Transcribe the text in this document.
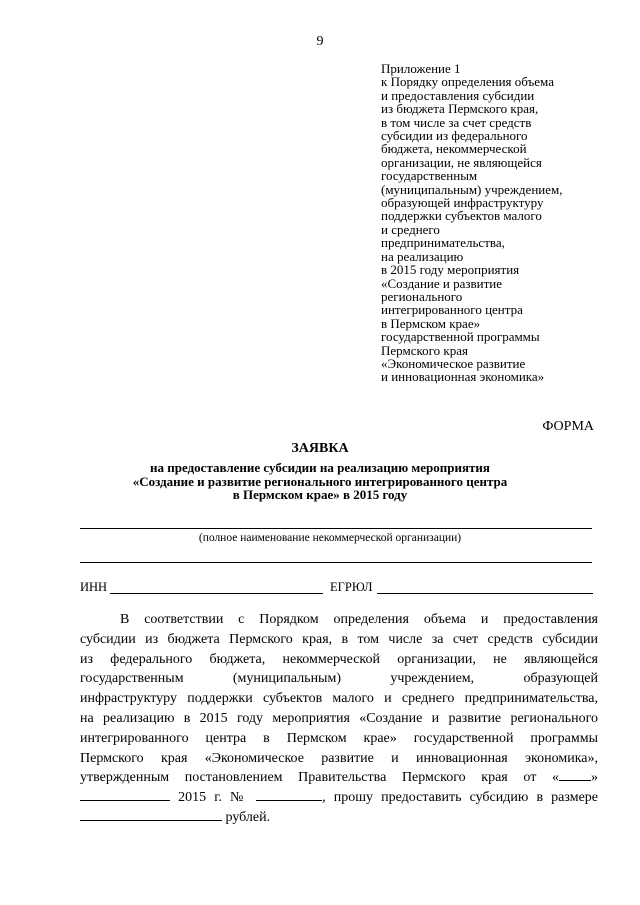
9
Приложение 1
к Порядку определения объема
и предоставления субсидии
из бюджета Пермского края,
в том числе за счет средств
субсидии из федерального
бюджета, некоммерческой
организации, не являющейся
государственным
(муниципальным) учреждением,
образующей инфраструктуру
поддержки субъектов малого
и среднего
предпринимательства,
на реализацию
в 2015 году мероприятия
«Создание и развитие
регионального
интегрированного центра
в Пермском крае»
государственной программы
Пермского края
«Экономическое развитие
и инновационная экономика»
ФОРМА
ЗАЯВКА
на предоставление субсидии на реализацию мероприятия
«Создание и развитие регионального интегрированного центра
в Пермском крае» в 2015 году
(полное наименование некоммерческой организации)
ИНН	ЕГРЮЛ
В соответствии с Порядком определения объема и предоставления
субсидии из бюджета Пермского края, в том числе за счет средств субсидии
из федерального бюджета, некоммерческой организации, не являющейся
государственным (муниципальным) учреждением, образующей
инфраструктуру поддержки субъектов малого и среднего предпринимательства,
на реализацию в 2015 году мероприятия «Создание и развитие регионального
интегрированного центра в Пермском крае» государственной программы
Пермского края «Экономическое развитие и инновационная экономика»,
утвержденным постановлением Правительства Пермского края от « »
2015 г. №	, прошу предоставить субсидию в размере
рублей.
